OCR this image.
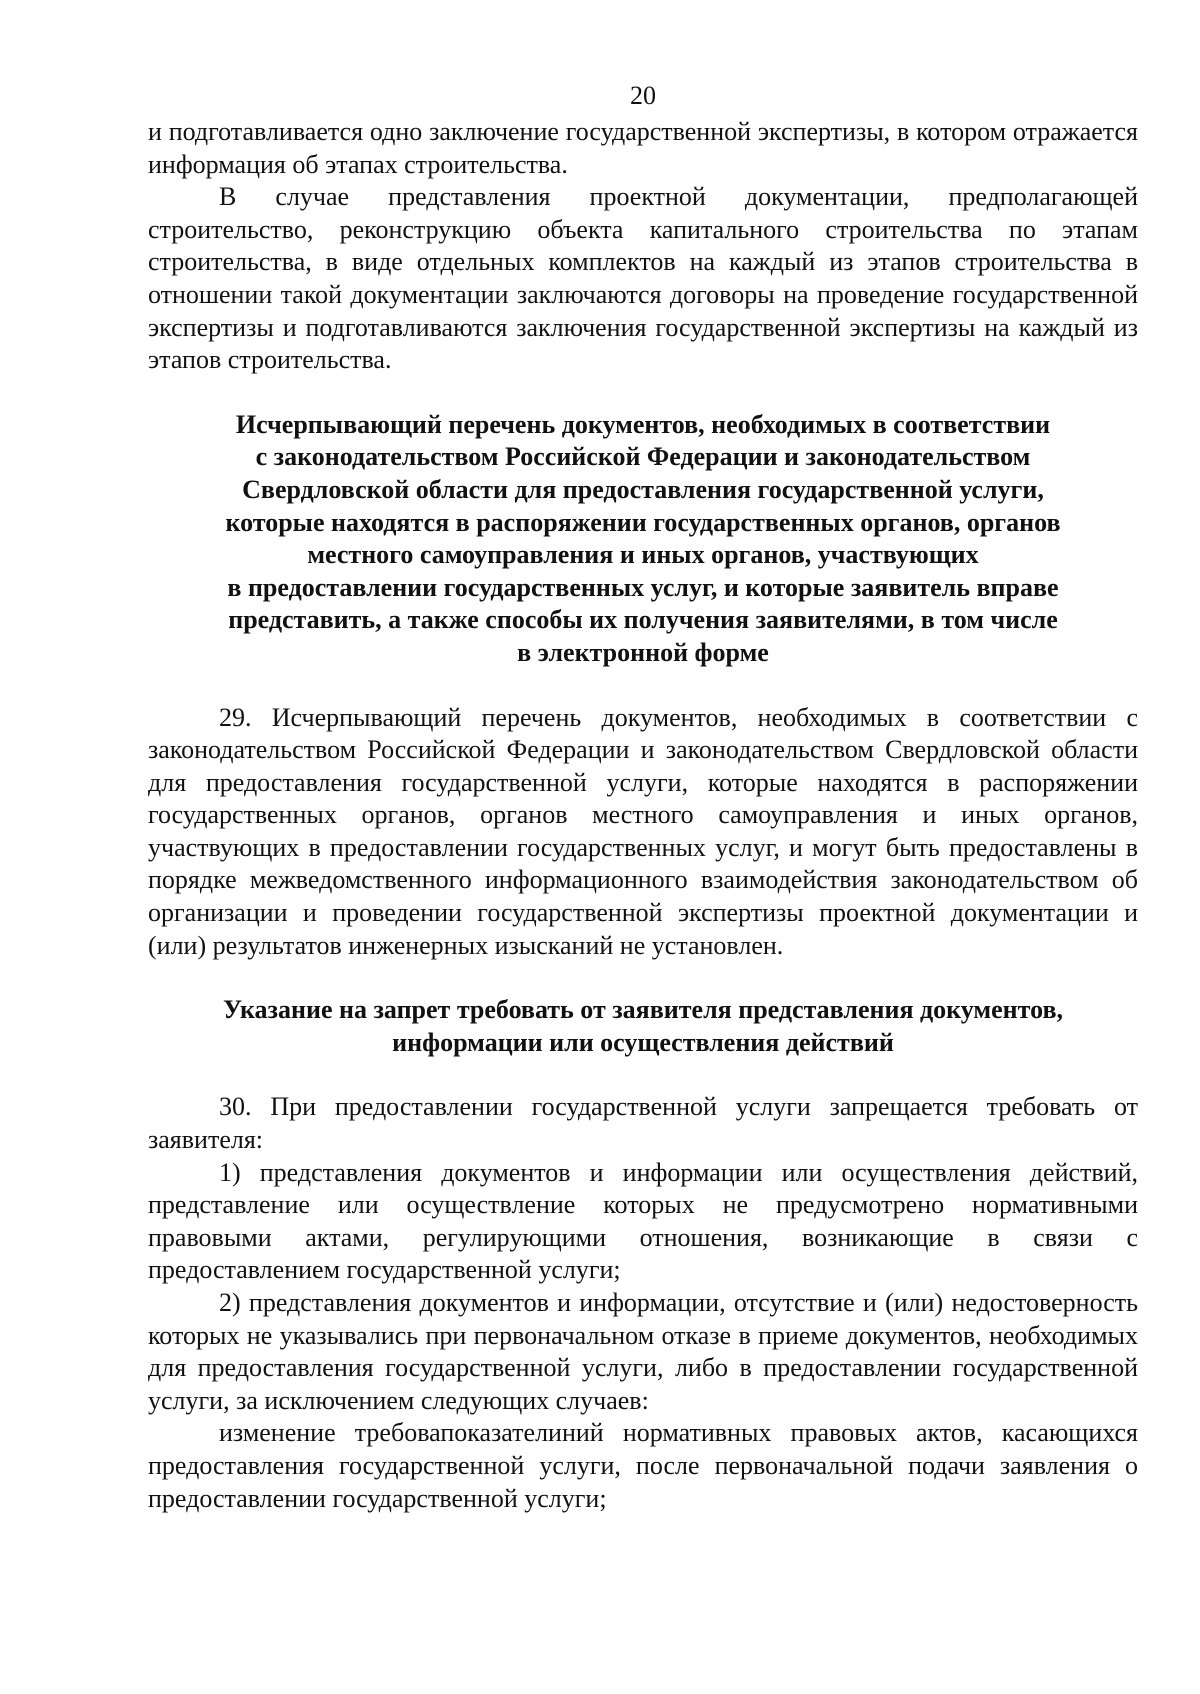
20

и подготавливается одно заключение государственной экспертизы, в котором отражается информация об этапах строительства.

В случае представления проектной документации, предполагающей строительство, реконструкцию объекта капитального строительства по этапам строительства, в виде отдельных комплектов на каждый из этапов строительства в отношении такой документации заключаются договоры на проведение государственной экспертизы и подготавливаются заключения государственной экспертизы на каждый из этапов строительства.

Исчерпывающий перечень документов, необходимых в соответствии
с законодательством Российской Федерации и законодательством
Свердловской области для предоставления государственной услуги,
которые находятся в распоряжении государственных органов, органов
местного самоуправления и иных органов, участвующих
в предоставлении государственных услуг, и которые заявитель вправе
представить, а также способы их получения заявителями, в том числе
в электронной форме

29. Исчерпывающий перечень документов, необходимых в соответствии с законодательством Российской Федерации и законодательством Свердловской области для предоставления государственной услуги, которые находятся в распоряжении государственных органов, органов местного самоуправления и иных органов, участвующих в предоставлении государственных услуг, и могут быть предоставлены в порядке межведомственного информационного взаимодействия законодательством об организации и проведении государственной экспертизы проектной документации и (или) результатов инженерных изысканий не установлен.

Указание на запрет требовать от заявителя представления документов,
информации или осуществления действий

30. При предоставлении государственной услуги запрещается требовать от заявителя:

1) представления документов и информации или осуществления действий, представление или осуществление которых не предусмотрено нормативными правовыми актами, регулирующими отношения, возникающие в связи с предоставлением государственной услуги;

2) представления документов и информации, отсутствие и (или) недостоверность которых не указывались при первоначальном отказе в приеме документов, необходимых для предоставления государственной услуги, либо в предоставлении государственной услуги, за исключением следующих случаев:

изменение требовапоказателиний нормативных правовых актов, касающихся предоставления государственной услуги, после первоначальной подачи заявления о предоставлении государственной услуги;
